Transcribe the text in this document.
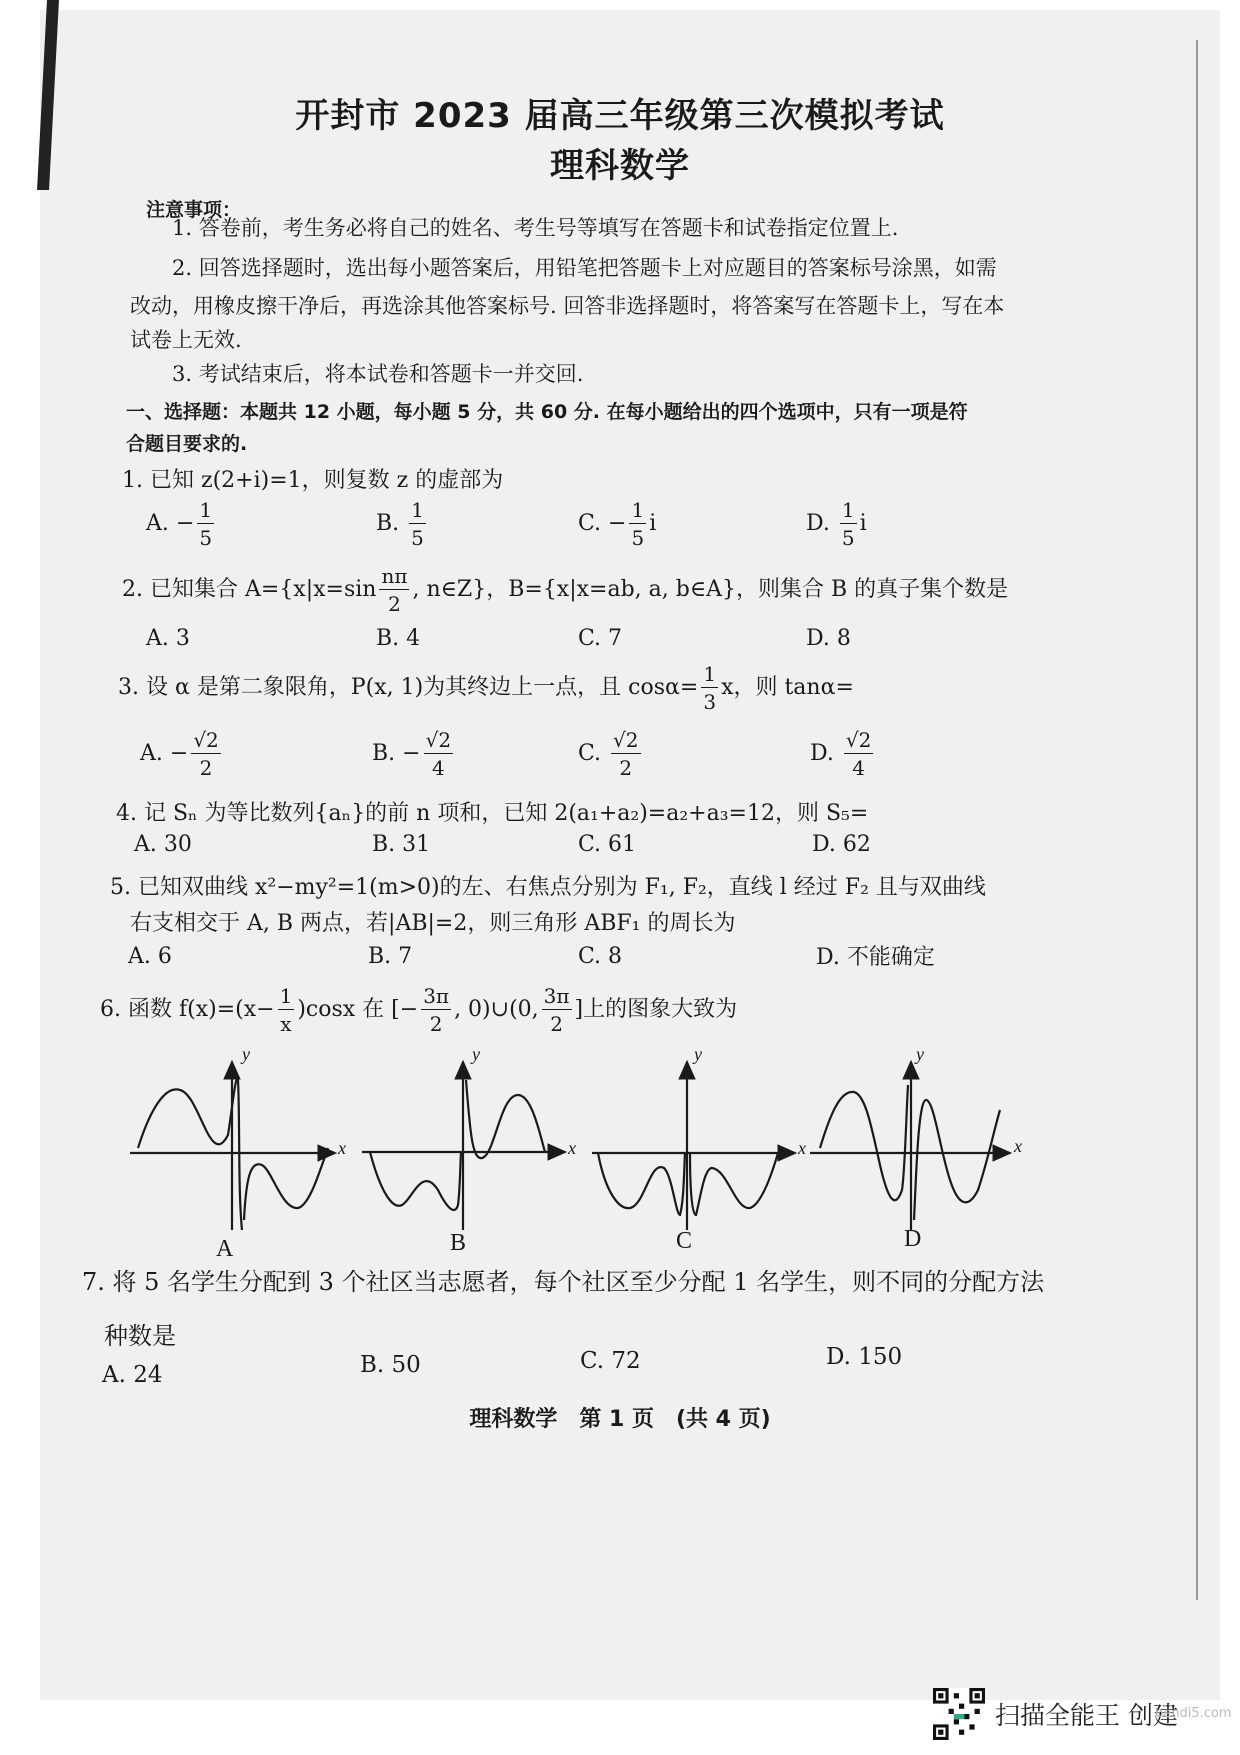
开封市 2023 届高三年级第三次模拟考试
理科数学
注意事项：
1. 答卷前，考生务必将自己的姓名、考生号等填写在答题卡和试卷指定位置上.
2. 回答选择题时，选出每小题答案后，用铅笔把答题卡上对应题目的答案标号涂黑，如需
改动，用橡皮擦干净后，再选涂其他答案标号. 回答非选择题时，将答案写在答题卡上，写在本
试卷上无效.
3. 考试结束后，将本试卷和答题卡一并交回.
一、选择题：本题共 12 小题，每小题 5 分，共 60 分. 在每小题给出的四个选项中，只有一项是符
合题目要求的.
1. 已知 z(2+i)=1，则复数 z 的虚部为
A. − $\frac{1}{5}$	B. $\frac{1}{5}$	C. − $\frac{1}{5}$ i	D. $\frac{1}{5}$ i
2. 已知集合 $A=\{x|x=\sin \frac{n\pi}{2}$ , n∈Z}，B={x|x=ab, a, b∈A}，则集合 B 的真子集个数是
A. 3	B. 4	C. 7	D. 8
3. 设 α 是第二象限角，P(x, 1)为其终边上一点，且 $\cos\alpha= \frac{1}{3}$ x，则 tanα=
A. − $\frac{√2}{2}$	B. − $\frac{√2}{4}$	C. $\frac{√2}{2}$	D. $\frac{√2}{4}$
4. 记 Sₙ 为等比数列{aₙ}的前 n 项和，已知 2(a₁+a₂)=a₂+a₃=12，则 S₅=
A. 30	B. 31	C. 61	D. 62
5. 已知双曲线 x²−my²=1(m>0)的左、右焦点分别为 F₁, F₂，直线 l 经过 F₂ 且与双曲线
右支相交于 A, B 两点，若|AB|=2，则三角形 ABF₁ 的周长为
A. 6	B. 7	C. 8	D. 不能确定
6. 函数 $f(x)=(x- \frac{1}{x} )\cos x$ 在 [− $\frac{3\pi}{2}$ , 0)∪(0, $\frac{3\pi}{2}$ ]上的图象大致为
A	B	C	D
y
x
y
x
y
x
y
x
7. 将 5 名学生分配到 3 个社区当志愿者，每个社区至少分配 1 名学生，则不同的分配方法
种数是
A. 24	B. 50	C. 72	D. 150
理科数学　第 1 页　(共 4 页)
扫描全能王 创建
bendi5.com
